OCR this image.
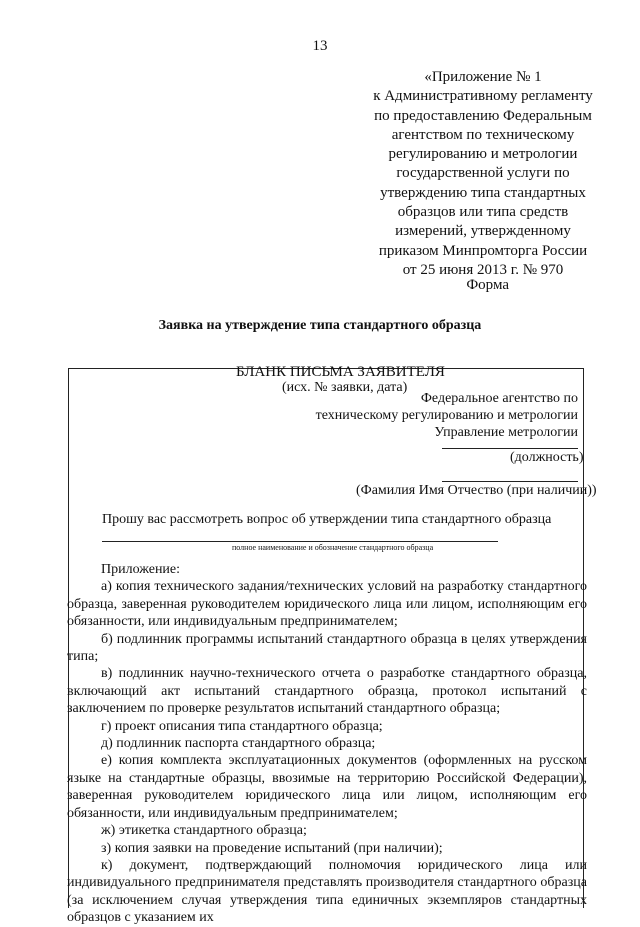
13
«Приложение № 1
к Административному регламенту
по предоставлению Федеральным
агентством по техническому
регулированию и метрологии
государственной услуги по
утверждению типа стандартных
образцов или типа средств
измерений, утвержденному
приказом Минпромторга России
от 25 июня 2013 г. № 970
Форма
Заявка на утверждение типа стандартного образца
БЛАНК ПИСЬМА ЗАЯВИТЕЛЯ
(исх. № заявки, дата)
Федеральное агентство по
техническому регулированию и метрологии
Управление метрологии
(должность)
(Фамилия Имя Отчество (при наличии))
Прошу вас рассмотреть вопрос об утверждении типа стандартного образца
полное наименование и обозначение стандартного образца
Приложение:
а) копия технического задания/технических условий на разработку стандартного образца, заверенная руководителем юридического лица или лицом, исполняющим его обязанности, или индивидуальным предпринимателем;
б) подлинник программы испытаний стандартного образца в целях утверждения типа;
в) подлинник научно-технического отчета о разработке стандартного образца, включающий акт испытаний стандартного образца, протокол испытаний с заключением по проверке результатов испытаний стандартного образца;
г) проект описания типа стандартного образца;
д) подлинник паспорта стандартного образца;
е) копия комплекта эксплуатационных документов (оформленных на русском языке на стандартные образцы, ввозимые на территорию Российской Федерации), заверенная руководителем юридического лица или лицом, исполняющим его обязанности, или индивидуальным предпринимателем;
ж) этикетка стандартного образца;
з) копия заявки на проведение испытаний (при наличии);
к) документ, подтверждающий полномочия юридического лица или индивидуального предпринимателя представлять производителя стандартного образца (за исключением случая утверждения типа единичных экземпляров стандартных образцов с указанием их
